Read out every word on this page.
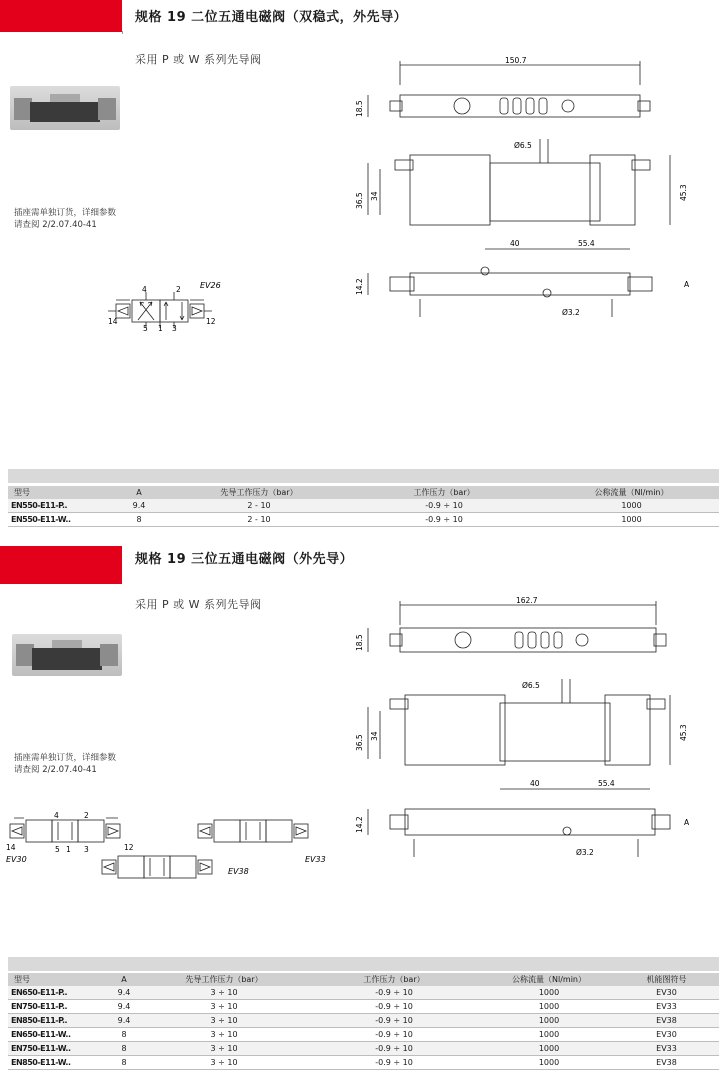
规格 19 二位五通电磁阀（双稳式，外先导）
采用 P 或 W 系列先导阀
插座需单独订货，详细参数
请查阅 2/2.07.40-41
EV26
14
4	2
12
5 1 3
150.7
18.5
Ø6.5
36.5 34	45.3
40	55.4
14.2
Ø3.2
A
型号	A	先导工作压力（bar）	工作压力（bar）	公称流量（Nl/min）
EN550-E11-P..	9.4	2 - 10	-0.9 ÷ 10	1000
EN550-E11-W..	8	2 - 10	-0.9 ÷ 10	1000
规格 19 三位五通电磁阀（外先导）
采用 P 或 W 系列先导阀
插座需单独订货，详细参数
请查阅 2/2.07.40-41
EV30	EV33
EV38
14
4	2
12
5 1 3
162.7
18.5
Ø6.5
36.5 34	45.3
40	55.4
14.2
Ø3.2
A
型号	A	先导工作压力（bar）	工作压力（bar）	公称流量（Nl/min）	机能图符号
EN650-E11-P..	9.4	3 ÷ 10	-0.9 ÷ 10	1000	EV30
EN750-E11-P..	9.4	3 ÷ 10	-0.9 ÷ 10	1000	EV33
EN850-E11-P..	9.4	3 ÷ 10	-0.9 ÷ 10	1000	EV38
EN650-E11-W..	8	3 ÷ 10	-0.9 ÷ 10	1000	EV30
EN750-E11-W..	8	3 ÷ 10	-0.9 ÷ 10	1000	EV33
EN850-E11-W..	8	3 ÷ 10	-0.9 ÷ 10	1000	EV38
